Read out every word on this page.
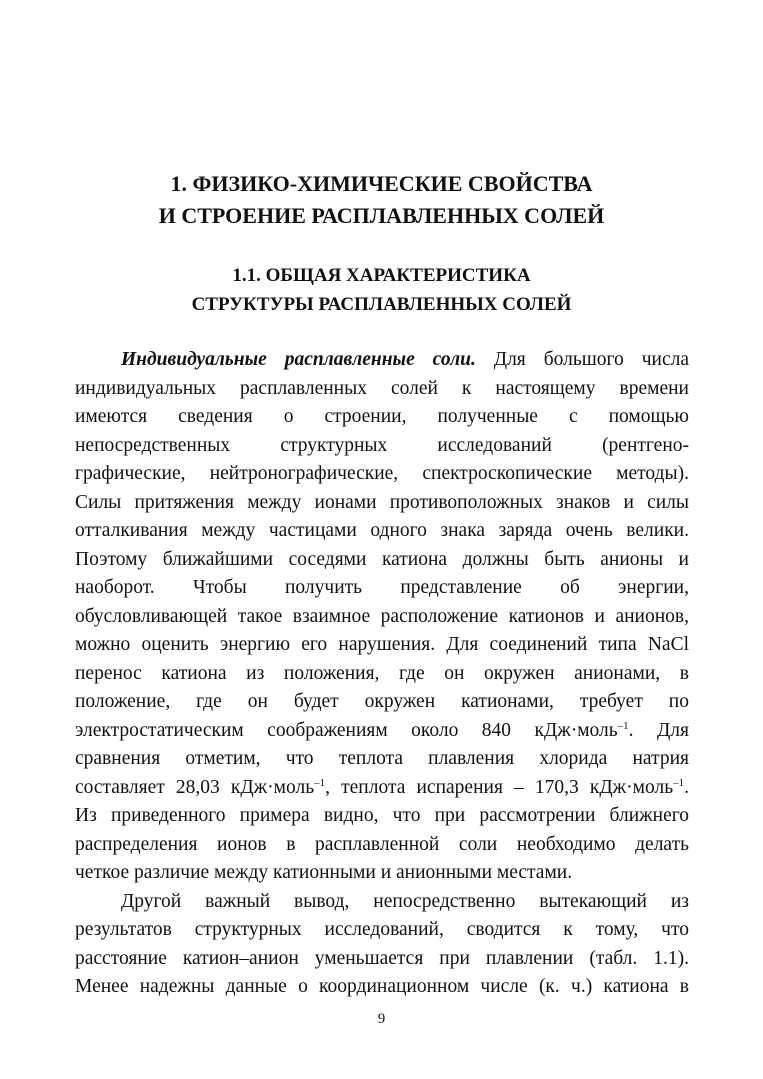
1. ФИЗИКО-ХИМИЧЕСКИЕ СВОЙСТВА
И СТРОЕНИЕ РАСПЛАВЛЕННЫХ СОЛЕЙ
1.1. ОБЩАЯ ХАРАКТЕРИСТИКА
СТРУКТУРЫ РАСПЛАВЛЕННЫХ СОЛЕЙ
Индивидуальные расплавленные соли. Для большого числа
индивидуальных расплавленных солей к настоящему времени
имеются сведения о строении, полученные с помощью
непосредственных структурных исследований (рентгено-
графические, нейтронографические, спектроскопические методы).
Силы притяжения между ионами противоположных знаков и силы
отталкивания между частицами одного знака заряда очень велики.
Поэтому ближайшими соседями катиона должны быть анионы и
наоборот. Чтобы получить представление об энергии,
обусловливающей такое взаимное расположение катионов и анионов,
можно оценить энергию его нарушения. Для соединений типа NaCl
перенос катиона из положения, где он окружен анионами, в
положение, где он будет окружен катионами, требует по
электростатическим соображениям около 840 кДж·моль$^{-1}$. Для
сравнения отметим, что теплота плавления хлорида натрия
составляет 28,03 кДж·моль$^{-1}$, теплота испарения – 170,3 кДж·моль$^{-1}$.
Из приведенного примера видно, что при рассмотрении ближнего
распределения ионов в расплавленной соли необходимо делать
четкое различие между катионными и анионными местами.
Другой важный вывод, непосредственно вытекающий из
результатов структурных исследований, сводится к тому, что
расстояние катион–анион уменьшается при плавлении (табл. 1.1).
Менее надежны данные о координационном числе (к. ч.) катиона в
9
